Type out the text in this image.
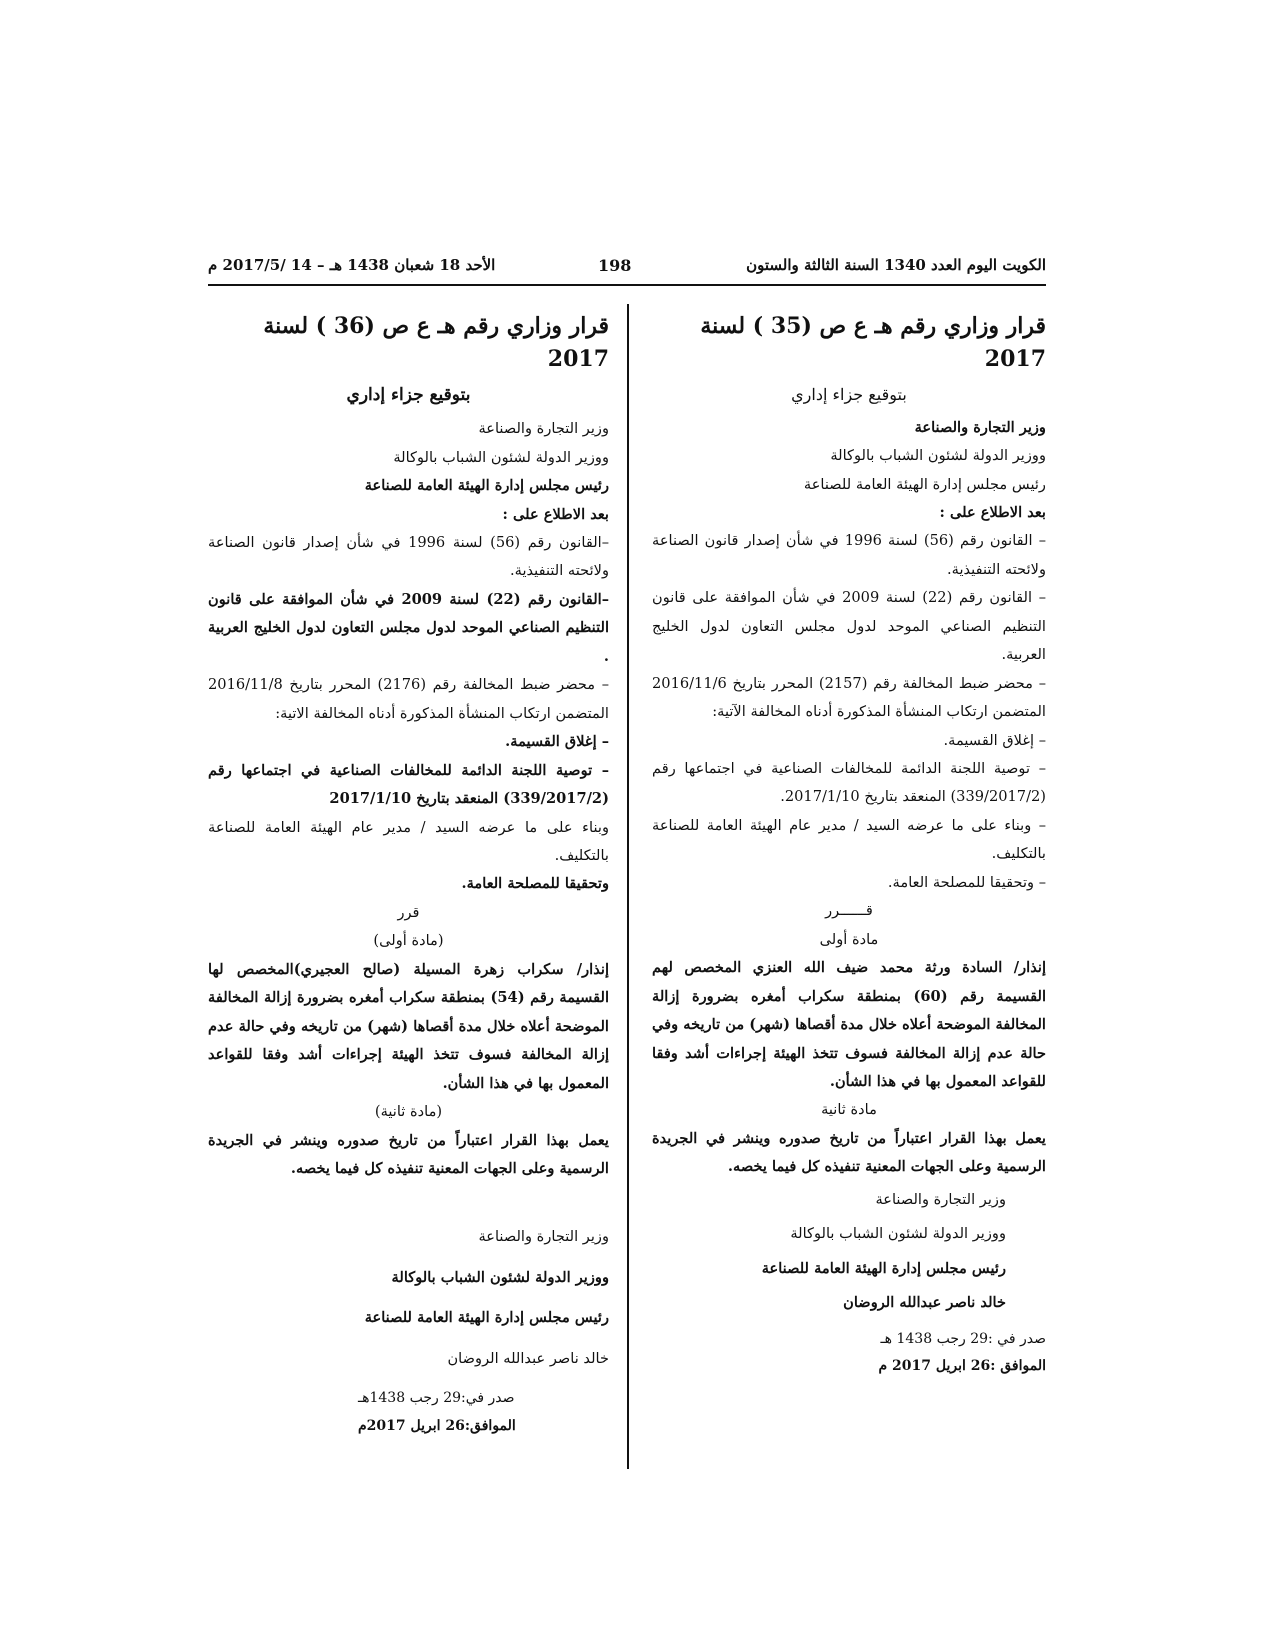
الكويت اليوم العدد 1340 السنة الثالثة والستون
198
الأحد 18 شعبان 1438 هـ – 14 /2017/5 م

قرار وزاري رقم هـ ع ص (35 ) لسنة 2017

بتوقيع جزاء إداري

وزير التجارة والصناعة

ووزير الدولة لشئون الشباب بالوكالة

رئيس مجلس إدارة الهيئة العامة للصناعة

بعد الاطلاع على :

– القانون رقم (56) لسنة 1996 في شأن إصدار قانون الصناعة ولائحته التنفيذية.

– القانون رقم (22) لسنة 2009 في شأن الموافقة على قانون التنظيم الصناعي الموحد لدول مجلس التعاون لدول الخليج العربية.

– محضر ضبط المخالفة رقم (2157) المحرر بتاريخ 2016/11/6 المتضمن ارتكاب المنشأة المذكورة أدناه المخالفة الآتية:

– إغلاق القسيمة.

– توصية اللجنة الدائمة للمخالفات الصناعية في اجتماعها رقم (339/2017/2) المنعقد بتاريخ 2017/1/10.

– وبناء على ما عرضه السيد / مدير عام الهيئة العامة للصناعة بالتكليف.

– وتحقيقا للمصلحة العامة.

قــــــرر

مادة أولى

إنذار/ السادة ورثة محمد ضيف الله العنزي المخصص لهم القسيمة رقم (60) بمنطقة سكراب أمغره بضرورة إزالة المخالفة الموضحة أعلاه خلال مدة أقصاها (شهر) من تاريخه وفي حالة عدم إزالة المخالفة فسوف تتخذ الهيئة إجراءات أشد وفقا للقواعد المعمول بها في هذا الشأن.

مادة ثانية

يعمل بهذا القرار اعتباراً من تاريخ صدوره وينشر في الجريدة الرسمية وعلى الجهات المعنية تنفيذه كل فيما يخصه.

وزير التجارة والصناعة

ووزير الدولة لشئون الشباب بالوكالة

رئيس مجلس إدارة الهيئة العامة للصناعة

خالد ناصر عبدالله الروضان

صدر في :29 رجب 1438 هـ

الموافق :26 ابريل 2017 م

قرار وزاري رقم هـ ع ص (36 ) لسنة 2017

بتوقيع جزاء إداري

وزير التجارة والصناعة

ووزير الدولة لشئون الشباب بالوكالة

رئيس مجلس إدارة الهيئة العامة للصناعة

بعد الاطلاع على :

–القانون رقم (56) لسنة 1996 في شأن إصدار قانون الصناعة ولائحته التنفيذية.

–القانون رقم (22) لسنة 2009 في شأن الموافقة على قانون التنظيم الصناعي الموحد لدول مجلس التعاون لدول الخليج العربية .

– محضر ضبط المخالفة رقم (2176) المحرر بتاريخ 2016/11/8 المتضمن ارتكاب المنشأة المذكورة أدناه المخالفة الاتية:

– إغلاق القسيمة.

– توصية اللجنة الدائمة للمخالفات الصناعية في اجتماعها رقم (339/2017/2) المنعقد بتاريخ 2017/1/10

وبناء على ما عرضه السيد / مدير عام الهيئة العامة للصناعة بالتكليف.

وتحقيقا للمصلحة العامة.

قرر

(مادة أولى)

إنذار/ سكراب زهرة المسيلة (صالح العجيري)المخصص لها القسيمة رقم (54) بمنطقة سكراب أمغره بضرورة إزالة المخالفة الموضحة أعلاه خلال مدة أقصاها (شهر) من تاريخه وفي حالة عدم إزالة المخالفة فسوف تتخذ الهيئة إجراءات أشد وفقا للقواعد المعمول بها في هذا الشأن.

(مادة ثانية)

يعمل بهذا القرار اعتباراً من تاريخ صدوره وينشر في الجريدة الرسمية وعلى الجهات المعنية تنفيذه كل فيما يخصه.

وزير التجارة والصناعة

ووزير الدولة لشئون الشباب بالوكالة

رئيس مجلس إدارة الهيئة العامة للصناعة

خالد ناصر عبدالله الروضان

صدر في:29 رجب 1438هـ

الموافق:26 ابريل 2017م
